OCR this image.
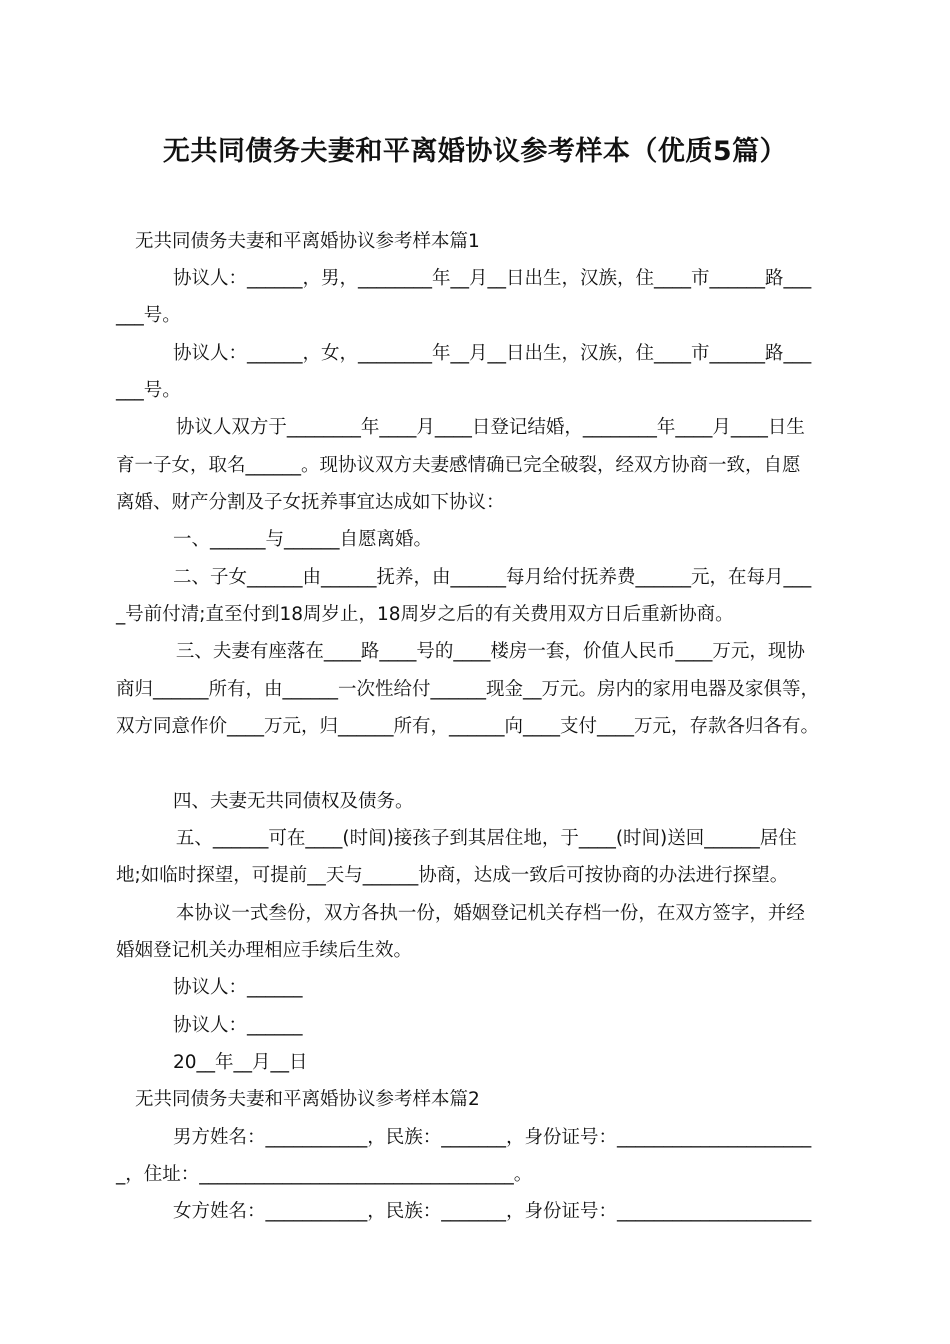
无共同债务夫妻和平离婚协议参考样本（优质5篇）
无共同债务夫妻和平离婚协议参考样本篇1
协议人：______，男，________年__月__日出生，汉族，住____市______路___
___号。
协议人：______，女，________年__月__日出生，汉族，住____市______路___
___号。
协议人双方于________年____月____日登记结婚，________年____月____日生
育一子女，取名______。现协议双方夫妻感情确已完全破裂，经双方协商一致，自愿
离婚、财产分割及子女抚养事宜达成如下协议：
一、______与______自愿离婚。
二、子女______由______抚养，由______每月给付抚养费______元，在每月___
_号前付清;直至付到18周岁止，18周岁之后的有关费用双方日后重新协商。
三、夫妻有座落在____路____号的____楼房一套，价值人民币____万元，现协
商归______所有，由______一次性给付______现金__万元。房内的家用电器及家俱等，
双方同意作价____万元，归______所有，______向____支付____万元，存款各归各有。
四、夫妻无共同债权及债务。
五、______可在____(时间)接孩子到其居住地，于____(时间)送回______居住
地;如临时探望，可提前__天与______协商，达成一致后可按协商的办法进行探望。
本协议一式叁份，双方各执一份，婚姻登记机关存档一份，在双方签字，并经
婚姻登记机关办理相应手续后生效。
协议人：______
协议人：______
20__年__月__日
无共同债务夫妻和平离婚协议参考样本篇2
男方姓名：___________，民族：_______，身份证号：_____________________
_，住址：__________________________________。
女方姓名：___________，民族：_______，身份证号：_____________________
